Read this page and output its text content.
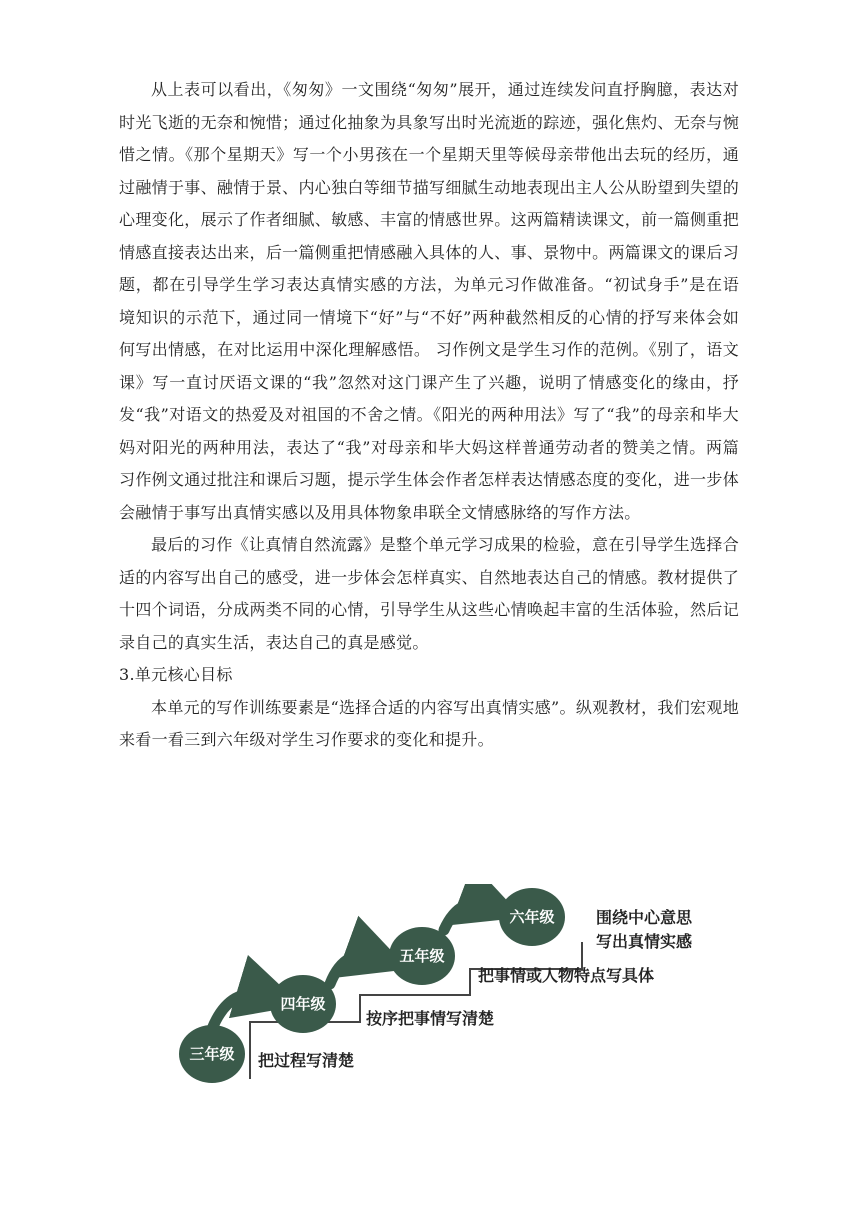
从上表可以看出，《匆匆》一文围绕“匆匆”展开，通过连续发问直抒胸臆，表达对时光飞逝的无奈和惋惜；通过化抽象为具象写出时光流逝的踪迹，强化焦灼、无奈与惋惜之情。《那个星期天》写一个小男孩在一个星期天里等候母亲带他出去玩的经历，通过融情于事、融情于景、内心独白等细节描写细腻生动地表现出主人公从盼望到失望的心理变化，展示了作者细腻、敏感、丰富的情感世界。这两篇精读课文，前一篇侧重把情感直接表达出来，后一篇侧重把情感融入具体的人、事、景物中。两篇课文的课后习题，都在引导学生学习表达真情实感的方法，为单元习作做准备。“初试身手”是在语境知识的示范下，通过同一情境下“好”与“不好”两种截然相反的心情的抒写来体会如何写出情感，在对比运用中深化理解感悟。 习作例文是学生习作的范例。《别了，语文课》写一直讨厌语文课的“我”忽然对这门课产生了兴趣，说明了情感变化的缘由，抒发“我”对语文的热爱及对祖国的不舍之情。《阳光的两种用法》写了“我”的母亲和毕大妈对阳光的两种用法，表达了“我”对母亲和毕大妈这样普通劳动者的赞美之情。两篇习作例文通过批注和课后习题，提示学生体会作者怎样表达情感态度的变化，进一步体会融情于事写出真情实感以及用具体物象串联全文情感脉络的写作方法。

最后的习作《让真情自然流露》是整个单元学习成果的检验，意在引导学生选择合适的内容写出自己的感受，进一步体会怎样真实、自然地表达自己的情感。教材提供了十四个词语，分成两类不同的心情，引导学生从这些心情唤起丰富的生活体验，然后记录自己的真实生活，表达自己的真是感觉。

3.单元核心目标

本单元的写作训练要素是“选择合适的内容写出真情实感”。纵观教材，我们宏观地来看一看三到六年级对学生习作要求的变化和提升。

三年级
四年级
五年级
六年级
把过程写清楚
按序把事情写清楚
把事情或人物特点写具体
围绕中心意思
写出真情实感
